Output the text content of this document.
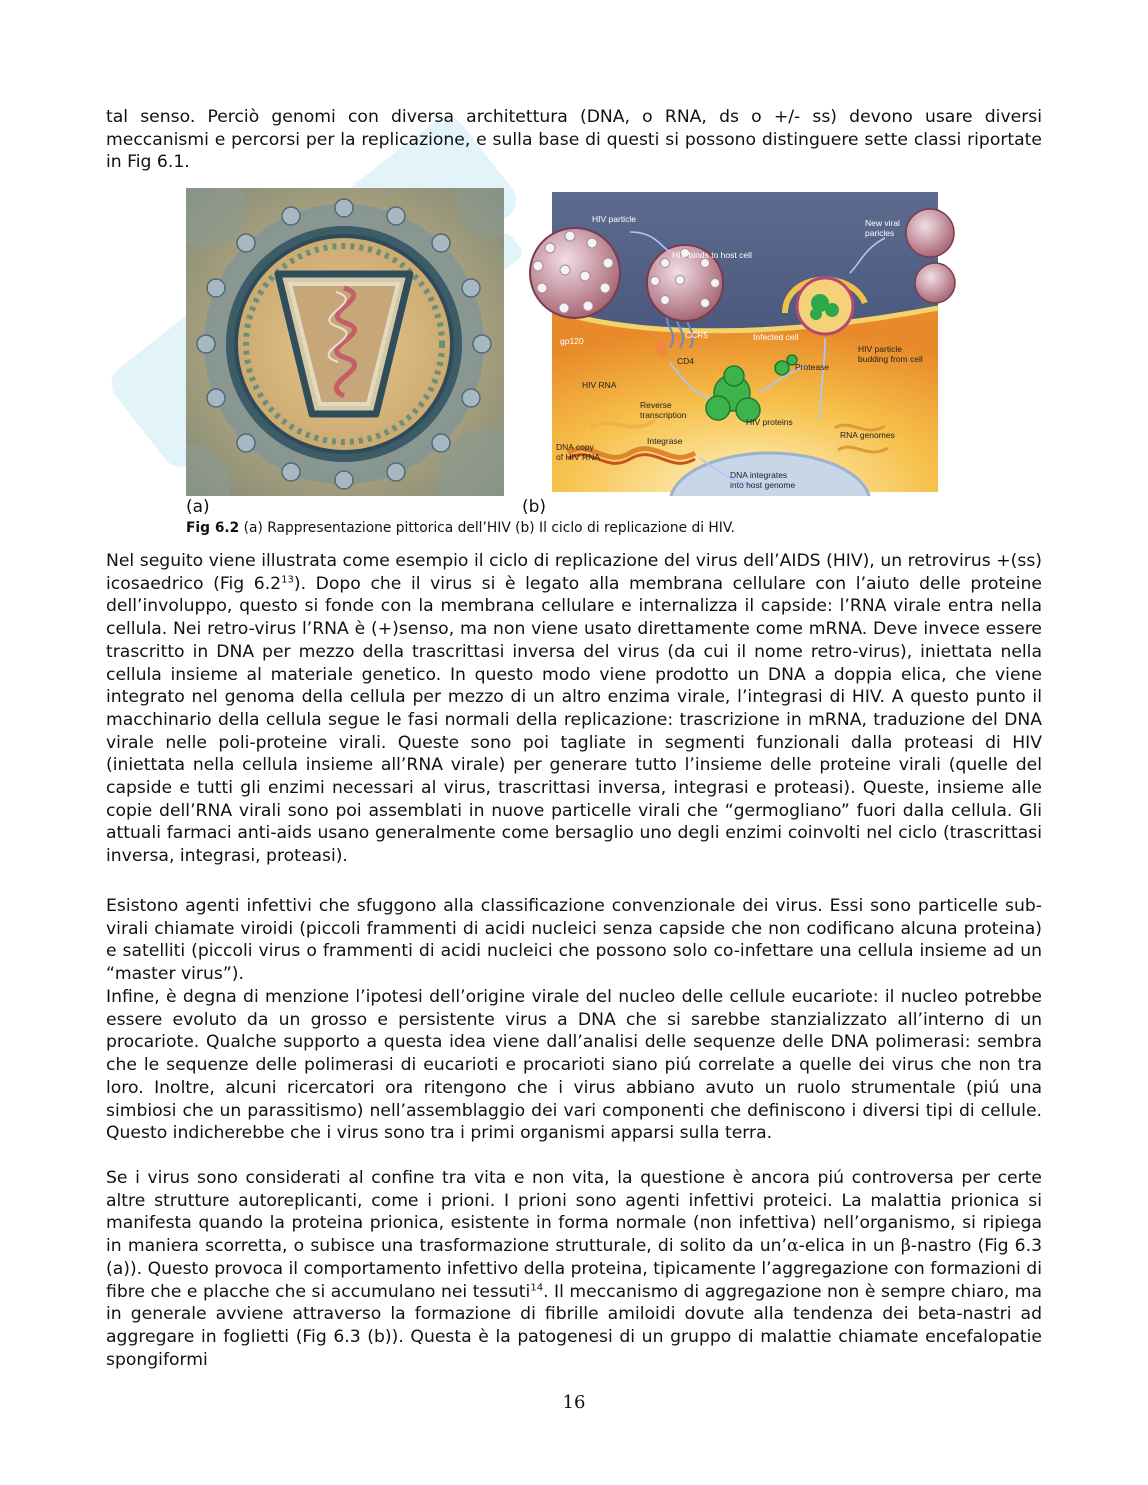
tal senso. Perciò genomi con diversa architettura (DNA, o RNA, ds o +/- ss) devono usare diversi meccanismi e percorsi per la replicazione, e sulla base di questi si possono distinguere sette classi riportate in Fig 6.1.

HIV particle
HIV binds to host cell
New viral
paricles
CCR5	Infected cell
gp120
CD4
Protease
HIV particle
budding from cell
HIV RNA
Reverse
transcription
HIV proteins
RNA genomes
Integrase
DNA copy
of HIV RNA
DNA integrates
into host genome
(a)	(b)
Fig 6.2 (a) Rappresentazione pittorica dell’HIV (b) Il ciclo di replicazione di HIV.

Nel seguito viene illustrata come esempio il ciclo di replicazione del virus dell’AIDS (HIV), un retrovirus +(ss) icosaedrico (Fig $6.2^{13}$). Dopo che il virus si è legato alla membrana cellulare con l’aiuto delle proteine dell’involuppo, questo si fonde con la membrana cellulare e internalizza il capside: l’RNA virale entra nella cellula. Nei retro-virus l’RNA è (+)senso, ma non viene usato direttamente come mRNA. Deve invece essere trascritto in DNA per mezzo della trascrittasi inversa del virus (da cui il nome retro-virus), iniettata nella cellula insieme al materiale genetico. In questo modo viene prodotto un DNA a doppia elica, che viene integrato nel genoma della cellula per mezzo di un altro enzima virale, l’integrasi di HIV. A questo punto il macchinario della cellula segue le fasi normali della replicazione: trascrizione in mRNA, traduzione del DNA virale nelle poli-proteine virali. Queste sono poi tagliate in segmenti funzionali dalla proteasi di HIV (iniettata nella cellula insieme all’RNA virale) per generare tutto l’insieme delle proteine virali (quelle del capside e tutti gli enzimi necessari al virus, trascrittasi inversa, integrasi e proteasi). Queste, insieme alle copie dell’RNA virali sono poi assemblati in nuove particelle virali che “germogliano” fuori dalla cellula. Gli attuali farmaci anti-aids usano generalmente come bersaglio uno degli enzimi coinvolti nel ciclo (trascrittasi inversa, integrasi, proteasi).

Esistono agenti infettivi che sfuggono alla classificazione convenzionale dei virus. Essi sono particelle sub-virali chiamate viroidi (piccoli frammenti di acidi nucleici senza capside che non codificano alcuna proteina) e satelliti (piccoli virus o frammenti di acidi nucleici che possono solo co-infettare una cellula insieme ad un “master virus”).

Infine, è degna di menzione l’ipotesi dell’origine virale del nucleo delle cellule eucariote: il nucleo potrebbe essere evoluto da un grosso e persistente virus a DNA che si sarebbe stanzializzato all’interno di un procariote. Qualche supporto a questa idea viene dall’analisi delle sequenze delle DNA polimerasi: sembra che le sequenze delle polimerasi di eucarioti e procarioti siano piú correlate a quelle dei virus che non tra loro. Inoltre, alcuni ricercatori ora ritengono che i virus abbiano avuto un ruolo strumentale (piú una simbiosi che un parassitismo) nell’assemblaggio dei vari componenti che definiscono i diversi tipi di cellule. Questo indicherebbe che i virus sono tra i primi organismi apparsi sulla terra.

Se i virus sono considerati al confine tra vita e non vita, la questione è ancora piú controversa per certe altre strutture autoreplicanti, come i prioni. I prioni sono agenti infettivi proteici. La malattia prionica si manifesta quando la proteina prionica, esistente in forma normale (non infettiva) nell’organismo, si ripiega in maniera scorretta, o subisce una trasformazione strutturale, di solito da un’α-elica in un β-nastro (Fig 6.3 (a)). Questo provoca il comportamento infettivo della proteina, tipicamente l’aggregazione con formazioni di fibre che e placche che si accumulano nei tessuti$^{14}$. Il meccanismo di aggregazione non è sempre chiaro, ma in generale avviene attraverso la formazione di fibrille amiloidi dovute alla tendenza dei beta-nastri ad aggregare in foglietti (Fig 6.3 (b)). Questa è la patogenesi di un gruppo di malattie chiamate encefalopatie spongiformi

16
